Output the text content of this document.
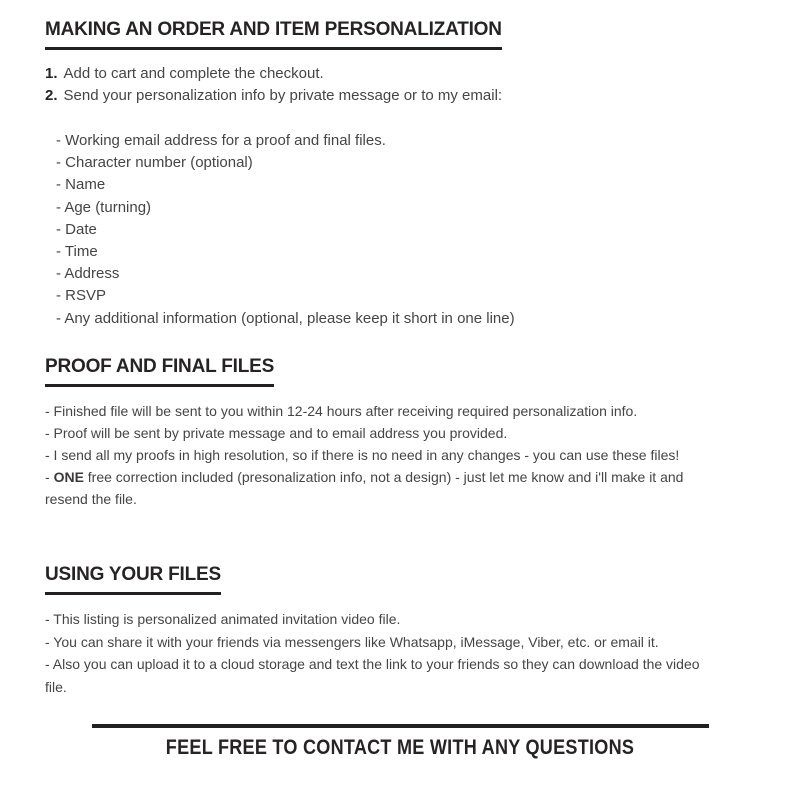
MAKING AN ORDER AND ITEM PERSONALIZATION
1. Add to cart and complete the checkout.
2. Send your personalization info by private message or to my email:
- Working email address for a proof and final files.
- Character number (optional)
- Name
- Age (turning)
- Date
- Time
- Address
- RSVP
- Any additional information (optional, please keep it short in one line)
PROOF AND FINAL FILES
- Finished file will be sent to you within 12-24 hours after receiving required personalization info.
- Proof will be sent by private message and to email address you provided.
- I send all my proofs in high resolution, so if there is no need in any changes - you can use these files!
- ONE free correction included (presonalization info, not a design) - just let me know and i'll make it and
resend the file.
USING YOUR FILES
- This listing is personalized animated invitation video file.
- You can share it with your friends via messengers like Whatsapp, iMessage, Viber, etc. or email it.
- Also you can upload it to a cloud storage and text the link to your friends so they can download the video
file.
FEEL FREE TO CONTACT ME WITH ANY QUESTIONS
